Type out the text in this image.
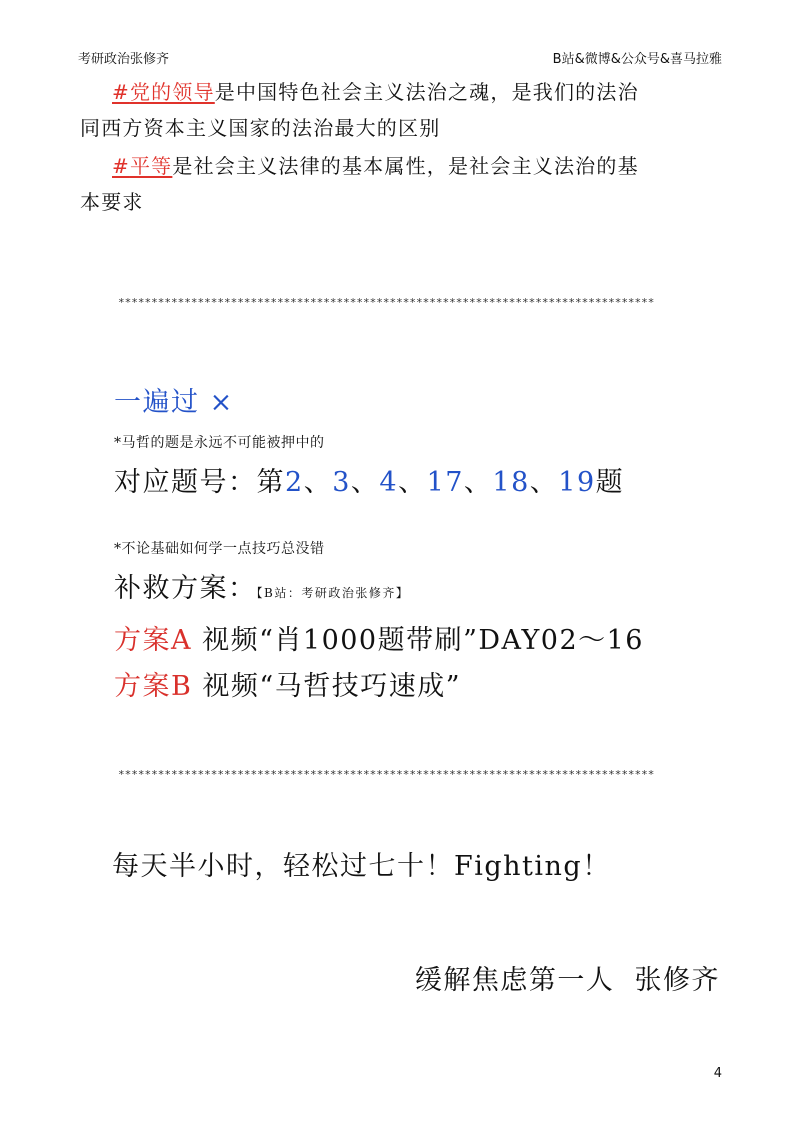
考研政治张修齐	B站&微博&公众号&喜马拉雅
#党的领导是中国特色社会主义法治之魂，是我们的法治
同西方资本主义国家的法治最大的区别
#平等是社会主义法律的基本属性，是社会主义法治的基
本要求
*********************************************************************************
一遍过 ×
*马哲的题是永远不可能被押中的
对应题号：第2、3、4、17、18、19题
*不论基础如何学一点技巧总没错
补救方案：【B站：考研政治张修齐】
方案A 视频“肖1000题带刷”DAY02～16
方案B 视频“马哲技巧速成”
*********************************************************************************
每天半小时，轻松过七十！Fighting！
缓解焦虑第一人  张修齐
4
